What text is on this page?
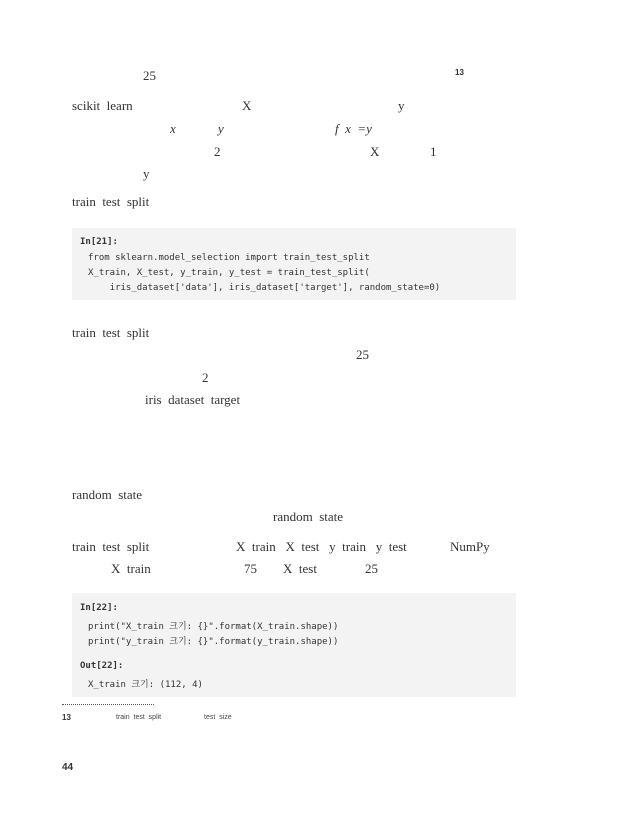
25	13
scikit  learn	X	y
x	y	f  x  =y
2	X	1
y
train  test  split
In[21]:
from sklearn.model_selection import train_test_split
X_train, X_test, y_train, y_test = train_test_split(
iris_dataset['data'], iris_dataset['target'], random_state=0)
train  test  split
25
2
iris  dataset  target
random  state
random  state
train  test  split	X  train   X  test   y  train   y  test	NumPy
X  train	75 X  test	25
In[22]:
print("X_train 크기: {}".format(X_train.shape))
print("y_train 크기: {}".format(y_train.shape))
Out[22]:
X_train 크기: (112, 4)
13	train  test  split	test  size
44
